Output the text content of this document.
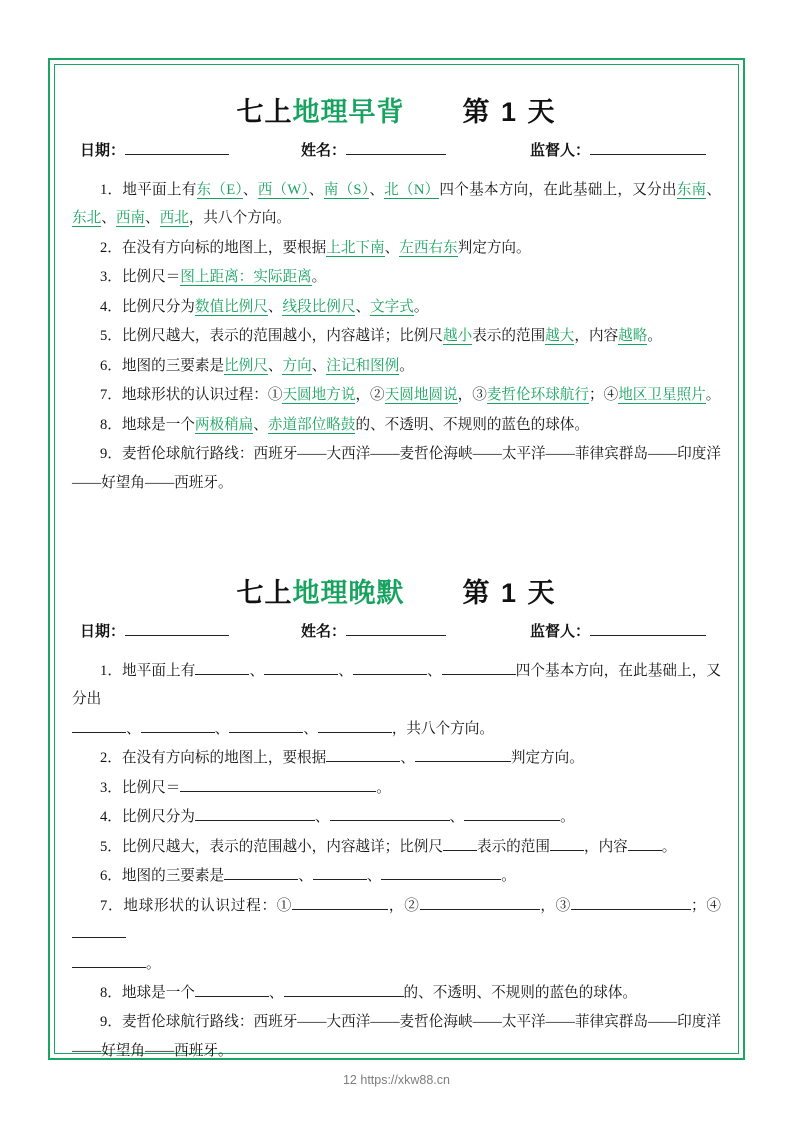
七上地理早背 第 1 天
日期：	姓名：	监督人：

1．地平面上有东（E）、西（W）、南（S）、北（N）四个基本方向，在此基础上，又分出东南、东北、西南、西北，共八个方向。

2．在没有方向标的地图上，要根据上北下南、左西右东判定方向。

3．比例尺＝图上距离：实际距离。

4．比例尺分为数值比例尺、线段比例尺、文字式。

5．比例尺越大，表示的范围越小，内容越详；比例尺越小表示的范围越大，内容越略。

6．地图的三要素是比例尺、方向、注记和图例。

7．地球形状的认识过程：①天圆地方说，②天圆地圆说，③麦哲伦环球航行；④地区卫星照片。

8．地球是一个两极稍扁、赤道部位略鼓的、不透明、不规则的蓝色的球体。

9．麦哲伦球航行路线：西班牙——大西洋——麦哲伦海峡——太平洋——菲律宾群岛——印度洋——好望角——西班牙。

七上地理晚默 第 1 天
日期：	姓名：	监督人：

1．地平面上有	、	、	、	四个基本方向，在此基础上，又分出

、	、	、	，共八个方向。

2．在没有方向标的地图上，要根据	、	判定方向。

3．比例尺＝	。

4．比例尺分为	、	、	。

5．比例尺越大，表示的范围越小，内容越详；比例尺 表示的范围 ，内容 。

6．地图的三要素是	、	、	。

7．地球形状的认识过程：①	，②	，③	；④

。

8．地球是一个	、	的、不透明、不规则的蓝色的球体。

9．麦哲伦球航行路线：西班牙——大西洋——麦哲伦海峡——太平洋——菲律宾群岛——印度洋——好望角——西班牙。

12 https://xkw88.cn
